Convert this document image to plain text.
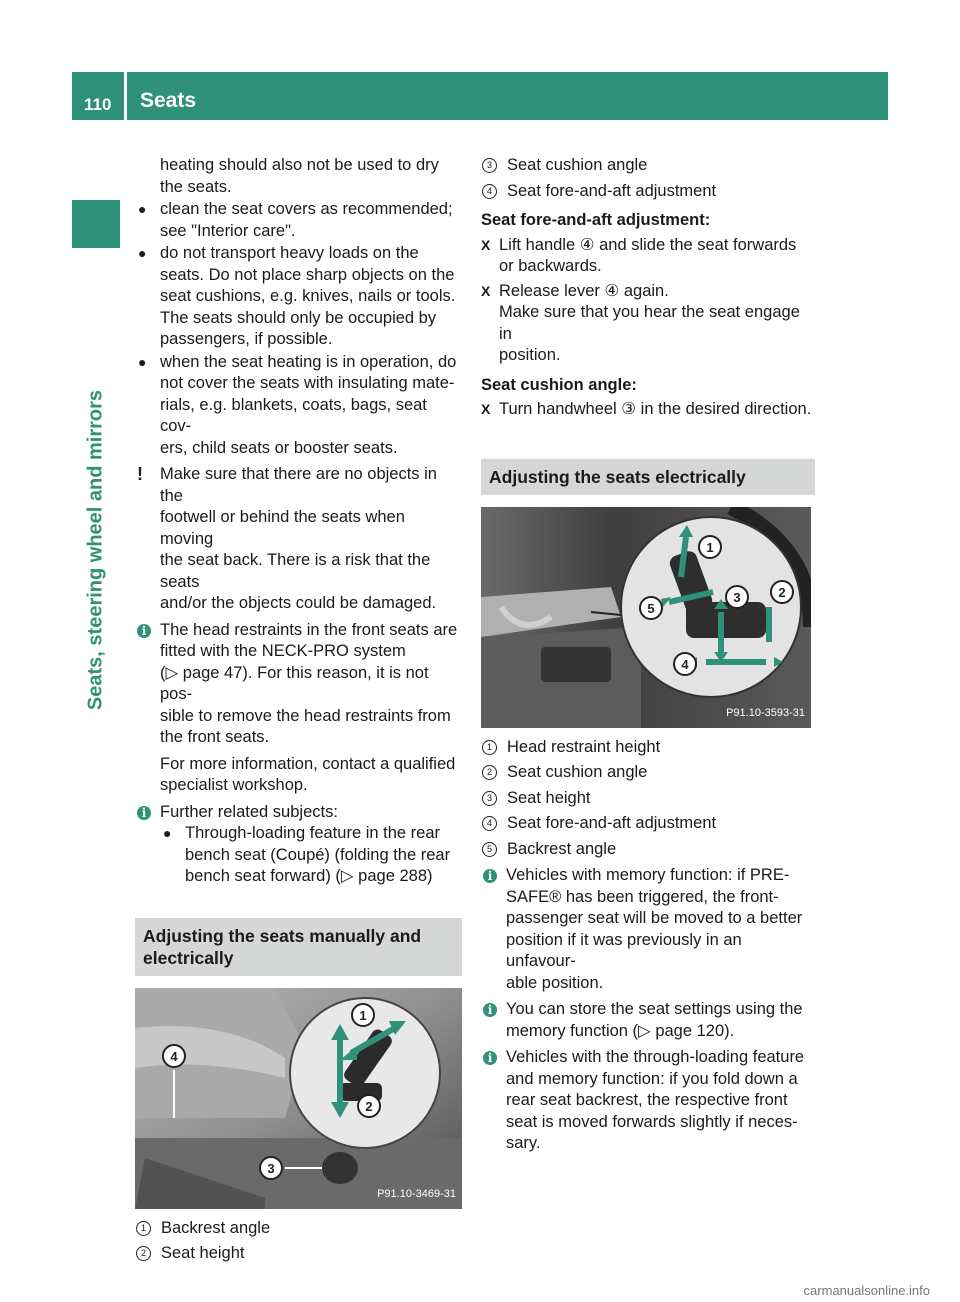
110 Seats
Seats, steering wheel and mirrors

heating should also not be used to dry

the seats.

● clean the seat covers as recommended;

see "Interior care".

● do not transport heavy loads on the

seats. Do not place sharp objects on the

seat cushions, e.g. knives, nails or tools.

The seats should only be occupied by

passengers, if possible.

● when the seat heating is in operation, do

not cover the seats with insulating mate-

rials, e.g. blankets, coats, bags, seat cov-

ers, child seats or booster seats.

! Make sure that there are no objects in the

footwell or behind the seats when moving

the seat back. There is a risk that the seats

and/or the objects could be damaged.

i The head restraints in the front seats are

fitted with the NECK-PRO system

(▷ page 47). For this reason, it is not pos-

sible to remove the head restraints from

the front seats.

For more information, contact a qualified

specialist workshop.

i Further related subjects:

● Through-loading feature in the rear

bench seat (Coupé) (folding the rear

bench seat forward) (▷ page 288)

Adjusting the seats manually and

electrically

1
2
3
4
P91.10-3469-31
1 Backrest angle

2 Seat height

3 Seat cushion angle

4 Seat fore-and-aft adjustment

Seat fore-and-aft adjustment:

X Lift handle ④ and slide the seat forwards

or backwards.

X Release lever ④ again.

Make sure that you hear the seat engage in

position.

Seat cushion angle:

X Turn handwheel ③ in the desired direction.

Adjusting the seats electrically

1
2
3
4
5
P91.10-3593-31
1 Head restraint height

2 Seat cushion angle

3 Seat height

4 Seat fore-and-aft adjustment

5 Backrest angle

i Vehicles with memory function: if PRE-

SAFE® has been triggered, the front-

passenger seat will be moved to a better

position if it was previously in an unfavour-

able position.

i You can store the seat settings using the

memory function (▷ page 120).

i Vehicles with the through-loading feature

and memory function: if you fold down a

rear seat backrest, the respective front

seat is moved forwards slightly if neces-

sary.

carmanualsonline.info
